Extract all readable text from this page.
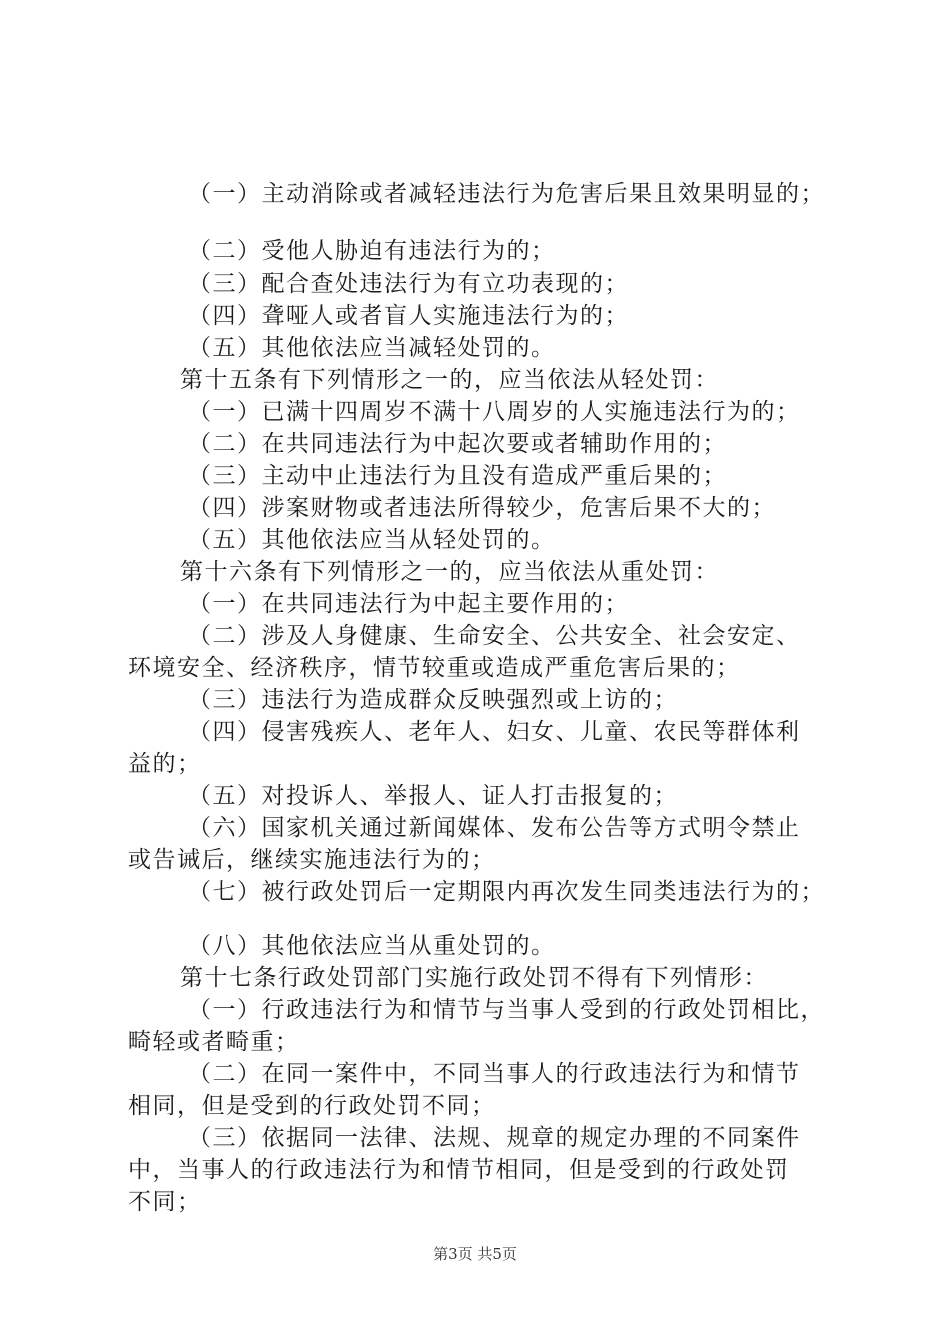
（一）主动消除或者减轻违法行为危害后果且效果明显的；
（二）受他人胁迫有违法行为的；
（三）配合查处违法行为有立功表现的；
（四）聋哑人或者盲人实施违法行为的；
（五）其他依法应当减轻处罚的。
第十五条有下列情形之一的，应当依法从轻处罚：
（一）已满十四周岁不满十八周岁的人实施违法行为的；
（二）在共同违法行为中起次要或者辅助作用的；
（三）主动中止违法行为且没有造成严重后果的；
（四）涉案财物或者违法所得较少，危害后果不大的；
（五）其他依法应当从轻处罚的。
第十六条有下列情形之一的，应当依法从重处罚：
（一）在共同违法行为中起主要作用的；
（二）涉及人身健康、生命安全、公共安全、社会安定、
环境安全、经济秩序，情节较重或造成严重危害后果的；
（三）违法行为造成群众反映强烈或上访的；
（四）侵害残疾人、老年人、妇女、儿童、农民等群体利
益的；
（五）对投诉人、举报人、证人打击报复的；
（六）国家机关通过新闻媒体、发布公告等方式明令禁止
或告诫后，继续实施违法行为的；
（七）被行政处罚后一定期限内再次发生同类违法行为的；
（八）其他依法应当从重处罚的。
第十七条行政处罚部门实施行政处罚不得有下列情形：
（一）行政违法行为和情节与当事人受到的行政处罚相比，
畸轻或者畸重；
（二）在同一案件中，不同当事人的行政违法行为和情节
相同，但是受到的行政处罚不同；
（三）依据同一法律、法规、规章的规定办理的不同案件
中，当事人的行政违法行为和情节相同，但是受到的行政处罚
不同；
第3页 共5页
